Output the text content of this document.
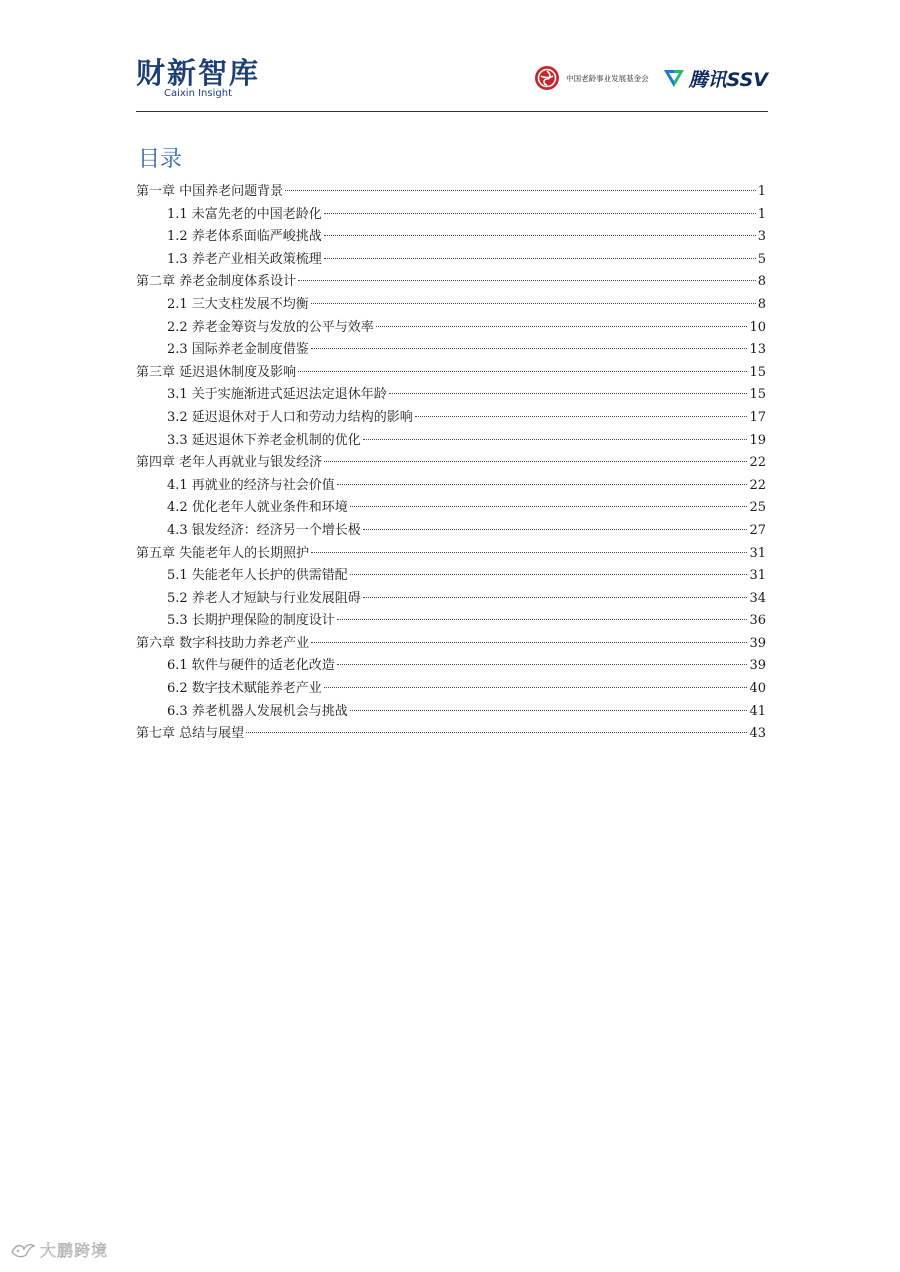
财新智库
Caixin Insight
中国老龄事业发展基金会 腾讯SSV
目录
第一章 中国养老问题背景	1
1.1 未富先老的中国老龄化	1
1.2 养老体系面临严峻挑战	3
1.3 养老产业相关政策梳理	5
第二章 养老金制度体系设计	8
2.1 三大支柱发展不均衡	8
2.2 养老金筹资与发放的公平与效率	10
2.3 国际养老金制度借鉴	13
第三章 延迟退休制度及影响	15
3.1 关于实施渐进式延迟法定退休年龄	15
3.2 延迟退休对于人口和劳动力结构的影响	17
3.3 延迟退休下养老金机制的优化	19
第四章 老年人再就业与银发经济	22
4.1 再就业的经济与社会价值	22
4.2 优化老年人就业条件和环境	25
4.3 银发经济：经济另一个增长极	27
第五章 失能老年人的长期照护	31
5.1 失能老年人长护的供需错配	31
5.2 养老人才短缺与行业发展阻碍	34
5.3 长期护理保险的制度设计	36
第六章 数字科技助力养老产业	39
6.1 软件与硬件的适老化改造	39
6.2 数字技术赋能养老产业	40
6.3 养老机器人发展机会与挑战	41
第七章 总结与展望	43
大鹏跨境
